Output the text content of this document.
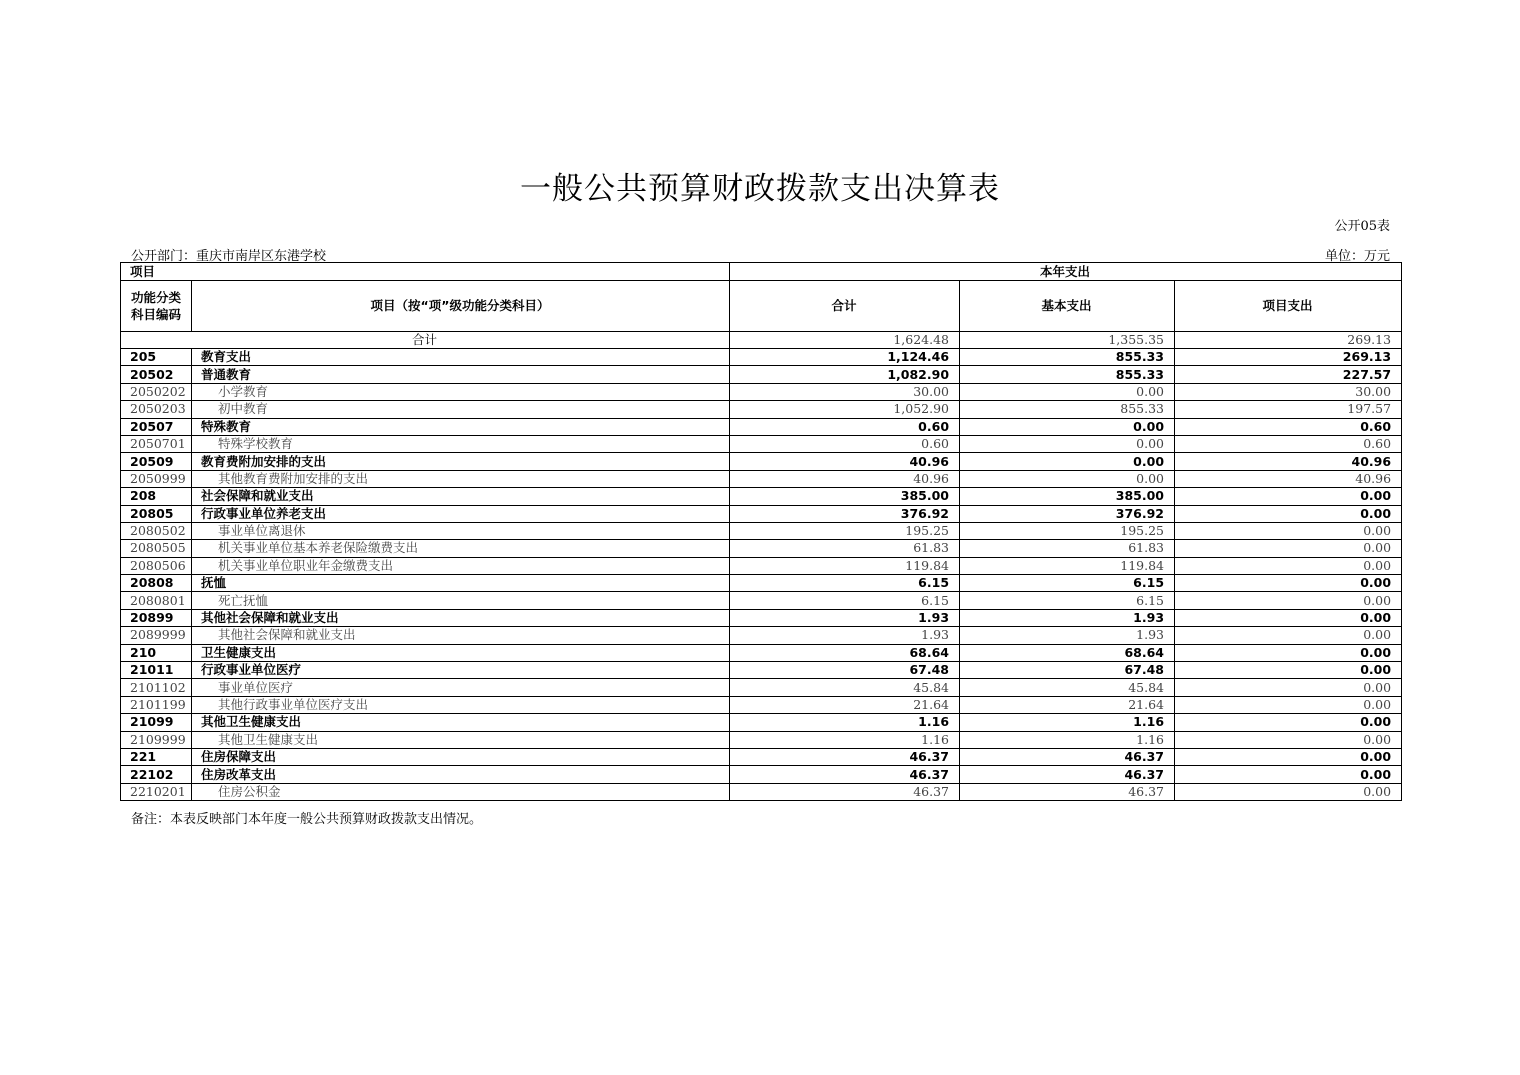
一般公共预算财政拨款支出决算表
公开05表
公开部门：重庆市南岸区东港学校	单位：万元
项目		本年支出		
功能分类科目编码	项目（按“项”级功能分类科目）	合计	基本支出	项目支出
合计		1,624.48	1,355.35	269.13
205	教育支出	1,124.46	855.33	269.13
20502	普通教育	1,082.90	855.33	227.57
2050202	小学教育	30.00	0.00	30.00
2050203	初中教育	1,052.90	855.33	197.57
20507	特殊教育	0.60	0.00	0.60
2050701	特殊学校教育	0.60	0.00	0.60
20509	教育费附加安排的支出	40.96	0.00	40.96
2050999	其他教育费附加安排的支出	40.96	0.00	40.96
208	社会保障和就业支出	385.00	385.00	0.00
20805	行政事业单位养老支出	376.92	376.92	0.00
2080502	事业单位离退休	195.25	195.25	0.00
2080505	机关事业单位基本养老保险缴费支出	61.83	61.83	0.00
2080506	机关事业单位职业年金缴费支出	119.84	119.84	0.00
20808	抚恤	6.15	6.15	0.00
2080801	死亡抚恤	6.15	6.15	0.00
20899	其他社会保障和就业支出	1.93	1.93	0.00
2089999	其他社会保障和就业支出	1.93	1.93	0.00
210	卫生健康支出	68.64	68.64	0.00
21011	行政事业单位医疗	67.48	67.48	0.00
2101102	事业单位医疗	45.84	45.84	0.00
2101199	其他行政事业单位医疗支出	21.64	21.64	0.00
21099	其他卫生健康支出	1.16	1.16	0.00
2109999	其他卫生健康支出	1.16	1.16	0.00
221	住房保障支出	46.37	46.37	0.00
22102	住房改革支出	46.37	46.37	0.00
2210201	住房公积金	46.37	46.37	0.00
备注：本表反映部门本年度一般公共预算财政拨款支出情况。
